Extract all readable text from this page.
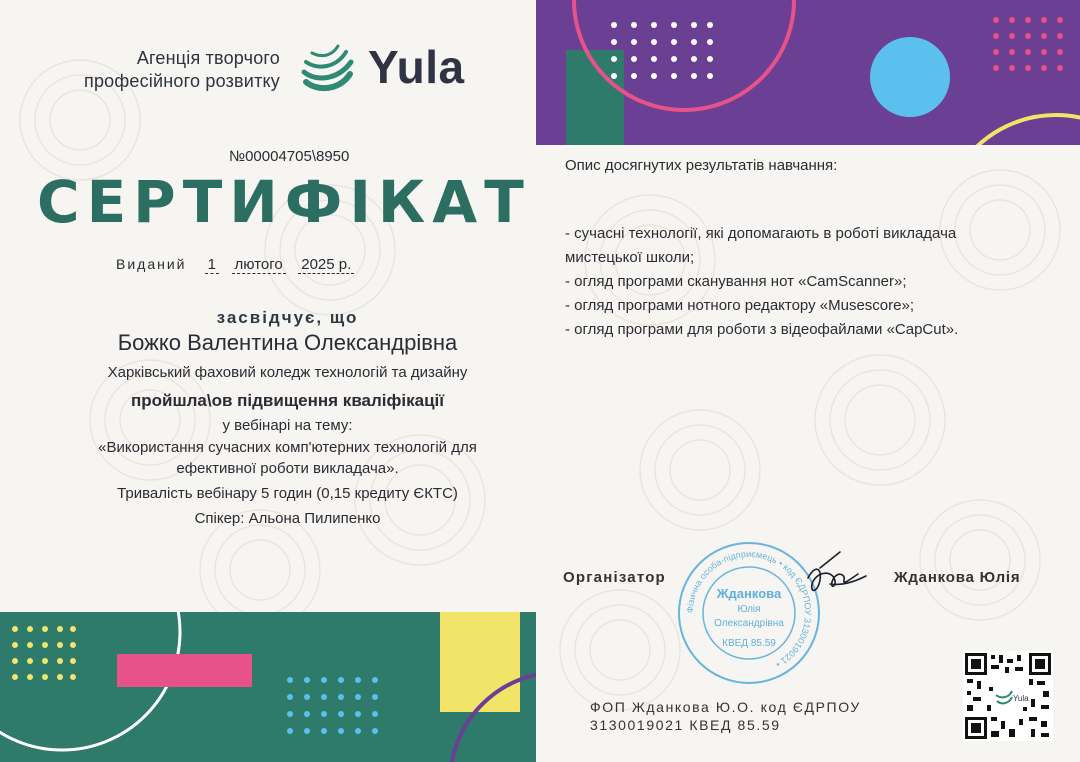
Агенція творчого
професійного розвитку Yula
№00004705\8950
СЕРТИФІКАТ
Виданий 1 лютого 2025 р.
засвідчує, що
Божко Валентина Олександрівна
Харківський фаховий коледж технологій та дизайну
пройшла\ов підвищення кваліфікації
у вебінарі на тему:
«Використання сучасних комп'ютерних технологій для
ефективної роботи викладача».
Тривалість вебінару 5 годин (0,15 кредиту ЄКТС)
Спікер: Альона Пилипенко
Опис досягнутих результатів навчання:
- сучасні технології, які допомагають в роботі викладача
мистецької школи;
- огляд програми сканування нот «CamScanner»;
- огляд програми нотного редактору «Musescore»;
- огляд програми для роботи з відеофайлами «CapCut».
Організатор	Жданкова Юлія
Фізична особа-підприємець • код ЄДРПОУ 3130019021 •
Жданкова
Юлія
Олександрівна
КВЕД 85.59
ФОП Жданкова Ю.О. код ЄДРПОУ
3130019021 КВЕД 85.59
Yula
